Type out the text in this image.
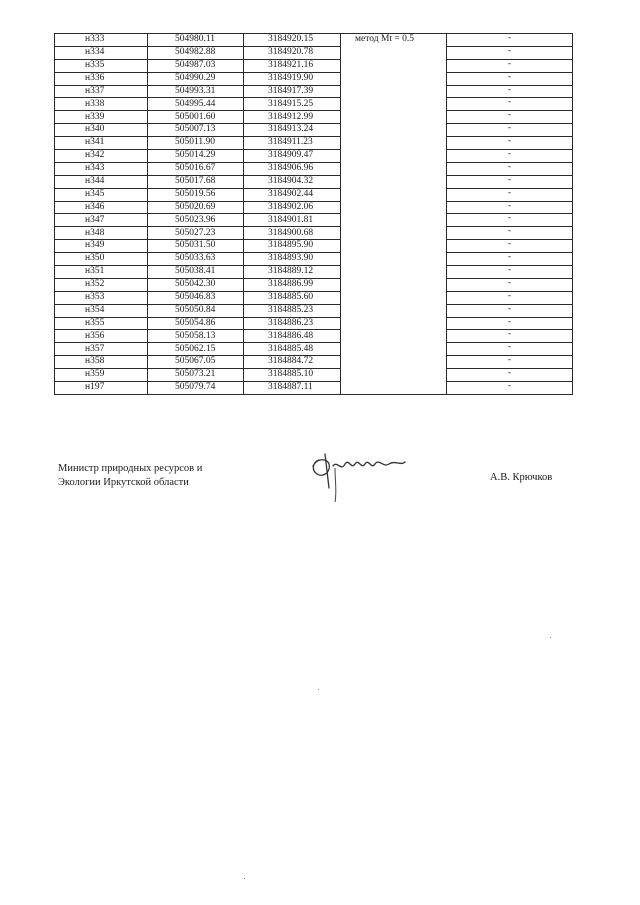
н333	504980.11	3184920.15	метод Mt = 0.5	-
н334	504982.88	3184920.78		-
н335	504987.03	3184921.16		-
н336	504990.29	3184919.90		-
н337	504993.31	3184917.39		-
н338	504995.44	3184915.25		-
н339	505001.60	3184912.99		-
н340	505007.13	3184913.24		-
н341	505011.90	3184911.23		-
н342	505014.29	3184909.47		-
н343	505016.67	3184906.96		-
н344	505017.68	3184904.32		-
н345	505019.56	3184902.44		-
н346	505020.69	3184902.06		-
н347	505023.96	3184901.81		-
н348	505027.23	3184900.68		-
н349	505031.50	3184895.90		-
н350	505033.63	3184893.90		-
н351	505038.41	3184889.12		-
н352	505042.30	3184886.99		-
н353	505046.83	3184885.60		-
н354	505050.84	3184885.23		-
н355	505054.86	3184886.23		-
н356	505058.13	3184886.48		-
н357	505062.15	3184885.48		-
н358	505067.05	3184884.72		-
н359	505073.21	3184885.10		-
н197	505079.74	3184887.11		-
Министр природных ресурсов и
Экологии Иркутской области	А.В. Крючков
